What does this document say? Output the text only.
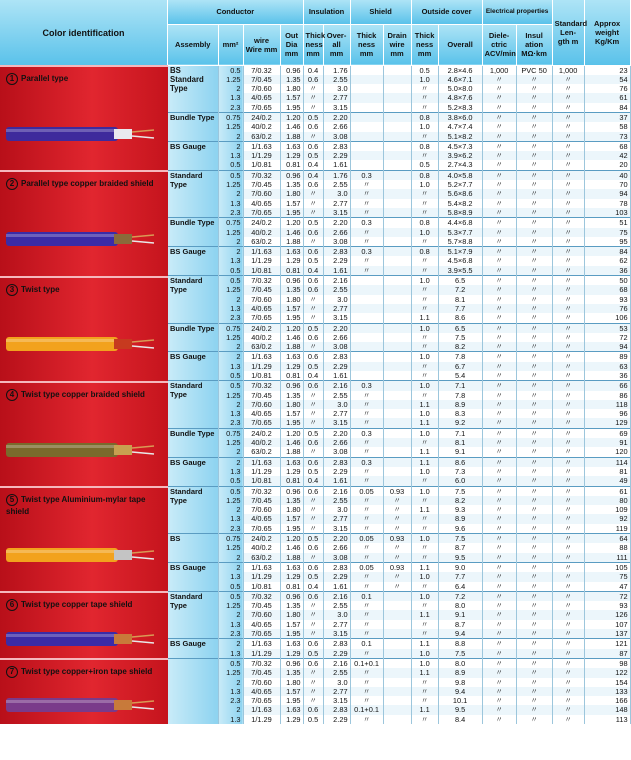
Color identification
1 Parallel type
2 Parallel type copper braided shield
3 Twist type
4 Twist type copper braided shield
5 Twist type Aluminium-mylar tape shield
6 Twist type copper tape shield
7 Twist type copper+iron tape shield
Conductor				Insulation		Shield		Outside cover		Electrical properties		Standard Len-gth m	Approx weight Kg/Km
Assembly	mm²	wire Wire mm	Out Dia mm	Thick ness mm	Over-all mm	Thick ness mm	Drain wire mm	Thick ness mm	Overall	Diele-ctric ACV/min	Insul ation MΩ·km		
BS Standard Type	0.5	7/0.32	0.96	0.4	1.76			0.5	2.8×4.6	1,000	PVC 50	1,000	23
	1.25	7/0.45	1.35	0.6	2.55			1.0	4.6×7.1	〃	〃	〃	54
	2	7/0.60	1.80	〃	3.0			〃	5.0×8.0	〃	〃	〃	76
	1.3	4/0.65	1.57	〃	2.77			〃	4.8×7.6	〃	〃	〃	61
	2.3	7/0.65	1.95	〃	3.15			〃	5.2×8.3	〃	〃	〃	84
Bundle Type	0.75	24/0.2	1.20	0.5	2.20			0.8	3.8×6.0	〃	〃	〃	37
	1.25	40/0.2	1.46	0.6	2.66			1.0	4.7×7.4	〃	〃	〃	58
	2	63/0.2	1.88	〃	3.08			〃	5.1×8.2	〃	〃	〃	73
BS Gauge	2	1/1.63	1.63	0.6	2.83			0.8	4.5×7.3	〃	〃	〃	68
	1.3	1/1.29	1.29	0.5	2.29			〃	3.9×6.2	〃	〃	〃	42
	0.5	1/0.81	0.81	0.4	1.61			0.5	2.7×4.3	〃	〃	〃	20
Standard Type	0.5	7/0.32	0.96	0.4	1.76	0.3		0.8	4.0×5.8	〃	〃	〃	40
	1.25	7/0.45	1.35	0.6	2.55	〃		1.0	5.2×7.7	〃	〃	〃	70
	2	7/0.60	1.80	〃	3.0	〃		〃	5.6×8.6	〃	〃	〃	94
	1.3	4/0.65	1.57	〃	2.77	〃		〃	5.4×8.2	〃	〃	〃	78
	2.3	7/0.65	1.95	〃	3.15	〃		〃	5.8×8.9	〃	〃	〃	103
Bundle Type	0.75	24/0.2	1.20	0.5	2.20	0.3		0.8	4.4×6.8	〃	〃	〃	51
	1.25	40/0.2	1.46	0.6	2.66	〃		1.0	5.3×7.7	〃	〃	〃	75
	2	63/0.2	1.88	〃	3.08	〃		〃	5.7×8.8	〃	〃	〃	95
BS Gauge	2	1/1.63	1.63	0.6	2.83	0.3		0.8	5.1×7.9	〃	〃	〃	84
	1.3	1/1.29	1.29	0.5	2.29	〃		〃	4.5×6.8	〃	〃	〃	62
	0.5	1/0.81	0.81	0.4	1.61	〃		〃	3.9×5.5	〃	〃	〃	36
Standard Type	0.5	7/0.32	0.96	0.6	2.16			1.0	6.5	〃	〃	〃	50
	1.25	7/0.45	1.35	0.6	2.55			〃	7.2	〃	〃	〃	68
	2	7/0.60	1.80	〃	3.0			〃	8.1	〃	〃	〃	93
	1.3	4/0.65	1.57	〃	2.77			〃	7.7	〃	〃	〃	76
	2.3	7/0.65	1.95	〃	3.15			1.1	8.6	〃	〃	〃	106
Bundle Type	0.75	24/0.2	1.20	0.5	2.20			1.0	6.5	〃	〃	〃	53
	1.25	40/0.2	1.46	0.6	2.66			〃	7.5	〃	〃	〃	72
	2	63/0.2	1.88	〃	3.08			〃	8.2	〃	〃	〃	94
BS Gauge	2	1/1.63	1.63	0.6	2.83			1.0	7.8	〃	〃	〃	89
	1.3	1/1.29	1.29	0.5	2.29			〃	6.7	〃	〃	〃	63
	0.5	1/0.81	0.81	0.4	1.61			〃	5.4	〃	〃	〃	36
Standard Type	0.5	7/0.32	0.96	0.6	2.16	0.3		1.0	7.1	〃	〃	〃	66
	1.25	7/0.45	1.35	〃	2.55	〃		〃	7.8	〃	〃	〃	86
	2	7/0.60	1.80	〃	3.0	〃		1.1	8.9	〃	〃	〃	118
	1.3	4/0.65	1.57	〃	2.77	〃		1.0	8.3	〃	〃	〃	96
	2.3	7/0.65	1.95	〃	3.15	〃		1.1	9.2	〃	〃	〃	129
Bundle Type	0.75	24/0.2	1.20	0.5	2.20	0.3		1.0	7.1	〃	〃	〃	69
	1.25	40/0.2	1.46	0.6	2.66	〃		〃	8.1	〃	〃	〃	91
	2	63/0.2	1.88	〃	3.08	〃		1.1	9.1	〃	〃	〃	120
BS Gauge	2	1/1.63	1.63	0.6	2.83	0.3		1.1	8.6	〃	〃	〃	114
	1.3	1/1.29	1.29	0.5	2.29	〃		1.0	7.3	〃	〃	〃	81
	0.5	1/0.81	0.81	0.4	1.61	〃		〃	6.0	〃	〃	〃	49
Standard Type	0.5	7/0.32	0.96	0.6	2.16	0.05	0.93	1.0	7.5	〃	〃	〃	61
	1.25	7/0.45	1.35	〃	2.55	〃	〃	〃	8.2	〃	〃	〃	80
	2	7/0.60	1.80	〃	3.0	〃	〃	1.1	9.3	〃	〃	〃	109
	1.3	4/0.65	1.57	〃	2.77	〃	〃	〃	8.9	〃	〃	〃	92
	2.3	7/0.65	1.95	〃	3.15	〃	〃	〃	9.6	〃	〃	〃	119
BS	0.75	24/0.2	1.20	0.5	2.20	0.05	0.93	1.0	7.5	〃	〃	〃	64
	1.25	40/0.2	1.46	0.6	2.66	〃	〃	〃	8.7	〃	〃	〃	88
	2	63/0.2	1.88	〃	3.08	〃	〃	〃	9.5	〃	〃	〃	111
BS Gauge	2	1/1.63	1.63	0.6	2.83	0.05	0.93	1.1	9.0	〃	〃	〃	105
	1.3	1/1.29	1.29	0.5	2.29	〃	〃	1.0	7.7	〃	〃	〃	75
	0.5	1/0.81	0.81	0.4	1.61	〃	〃	〃	6.4	〃	〃	〃	47
Standard Type	0.5	7/0.32	0.96	0.6	2.16	0.1		1.0	7.2	〃	〃	〃	72
	1.25	7/0.45	1.35	〃	2.55	〃		〃	8.0	〃	〃	〃	93
	2	7/0.60	1.80	〃	3.0	〃		1.1	9.1	〃	〃	〃	126
	1.3	4/0.65	1.57	〃	2.77	〃		〃	8.7	〃	〃	〃	107
	2.3	7/0.65	1.95	〃	3.15	〃		〃	9.4	〃	〃	〃	137
BS Gauge	2	1/1.63	1.63	0.6	2.83	0.1		1.1	8.8	〃	〃	〃	121
	1.3	1/1.29	1.29	0.5	2.29	〃		1.0	7.5	〃	〃	〃	87
	0.5	7/0.32	0.96	0.6	2.16	0.1+0.1		1.0	8.0	〃	〃	〃	98
	1.25	7/0.45	1.35	〃	2.55	〃		1.1	8.9	〃	〃	〃	122
	2	7/0.60	1.80	〃	3.0	〃		〃	9.8	〃	〃	〃	154
	1.3	4/0.65	1.57	〃	2.77	〃		〃	9.4	〃	〃	〃	133
	2.3	7/0.65	1.95	〃	3.15	〃		〃	10.1	〃	〃	〃	166
	2	1/1.63	1.63	0.6	2.83	0.1+0.1		1.1	9.5	〃	〃	〃	148
	1.3	1/1.29	1.29	0.5	2.29	〃		〃	8.4	〃	〃	〃	113
